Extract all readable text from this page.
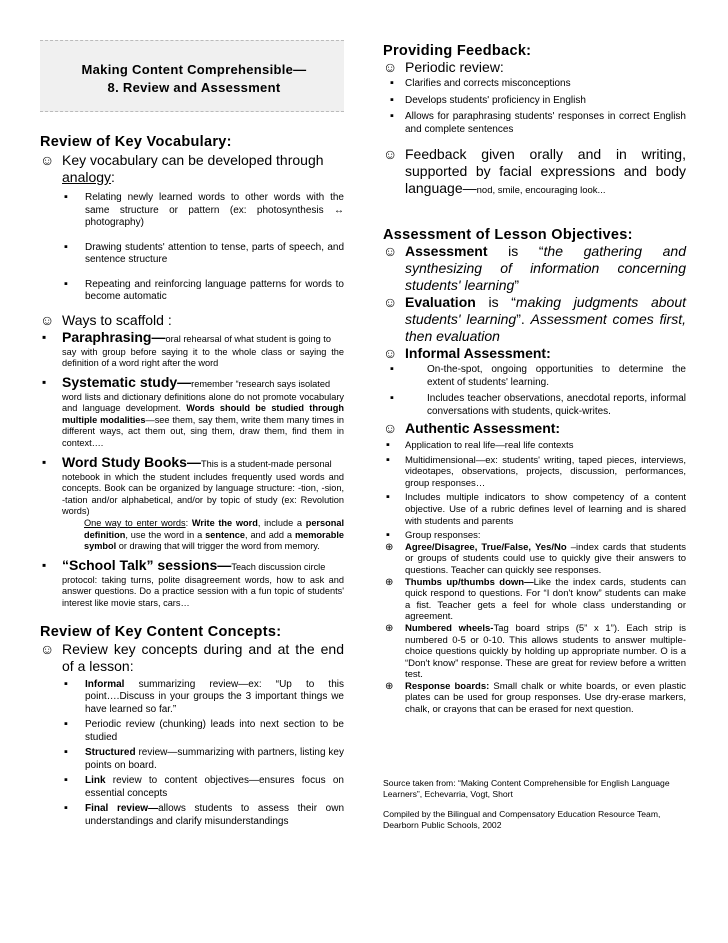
Making Content Comprehensible—
8. Review and Assessment
Review of Key Vocabulary:
☺ Key vocabulary can be developed through
analogy:
▪ Relating newly learned words to other words with the same structure or pattern (ex: photosynthesis ↔ photography)
▪ Drawing students' attention to tense, parts of speech, and sentence structure
▪ Repeating and reinforcing language patterns for words to become automatic
☺ Ways to scaffold :
▪ Paraphrasing—oral rehearsal of what student is going to
say with group before saying it to the whole class or saying the definition of a word right after the word
▪ Systematic study—remember “research says isolated
word lists and dictionary definitions alone do not promote vocabulary and language development. Words should be studied through multiple modalities—see them, say them, write them many times in different ways, act them out, sing them, draw them, find them in context….
▪ Word Study Books—This is a student-made personal
notebook in which the student includes frequently used words and concepts. Book can be organized by language structure: -tion, -sion, -tation and/or alphabetical, and/or by topic of study (ex: Revolution words)
One way to enter words: Write the word, include a personal definition, use the word in a sentence, and add a memorable symbol or drawing that will trigger the word from memory.
▪ “School Talk” sessions—Teach discussion circle
protocol: taking turns, polite disagreement words, how to ask and answer questions. Do a practice session with a fun topic of students' interest like movie stars, cars…
Review of Key Content Concepts:
☺ Review key concepts during and at the end of a lesson:
▪ Informal summarizing review—ex: “Up to this point….Discuss in your groups the 3 important things we have learned so far.”
▪ Periodic review (chunking) leads into next section to be studied
▪ Structured review—summarizing with partners, listing key points on board.
▪ Link review to content objectives—ensures focus on essential concepts
▪ Final review—allows students to assess their own understandings and clarify misunderstandings
Providing Feedback:
☺ Periodic review:
▪ Clarifies and corrects misconceptions
▪ Develops students' proficiency in English
▪ Allows for paraphrasing students' responses in correct English and complete sentences
☺ Feedback given orally and in writing, supported by facial expressions and body language—nod, smile, encouraging look...
Assessment of Lesson Objectives:
☺ Assessment is “the gathering and synthesizing of information concerning students' learning”
☺ Evaluation is “making judgments about students' learning”. Assessment comes first, then evaluation
☺ Informal Assessment:
▪ On-the-spot, ongoing opportunities to determine the extent of students' learning.
▪ Includes teacher observations, anecdotal reports, informal conversations with students, quick-writes.
☺ Authentic Assessment:
▪ Application to real life—real life contexts
▪ Multidimensional—ex: students' writing, taped pieces, interviews, videotapes, observations, projects, discussion, performances, group responses…
▪ Includes multiple indicators to show competency of a content objective. Use of a rubric defines level of learning and is shared with students and parents
▪ Group responses:
⊕ Agree/Disagree, True/False, Yes/No –index cards that students or groups of students could use to quickly give their answers to questions. Teacher can quickly see responses.
⊕ Thumbs up/thumbs down—Like the index cards, students can quick respond to questions. For “I don't know” students can make a fist. Teacher gets a feel for whole class understanding or agreement.
⊕ Numbered wheels-Tag board strips (5” x 1”). Each strip is numbered 0-5 or 0-10. This allows students to answer multiple-choice questions quickly by holding up appropriate number. O is a “Don't know” response. These are great for review before a written test.
⊕ Response boards: Small chalk or white boards, or even plastic plates can be used for group responses. Use dry-erase markers, chalk, or crayons that can be erased for next question.
Source taken from: “Making Content Comprehensible for English Language Learners”, Echevarria, Vogt, Short
Compiled by the Bilingual and Compensatory Education Resource Team, Dearborn Public Schools, 2002
